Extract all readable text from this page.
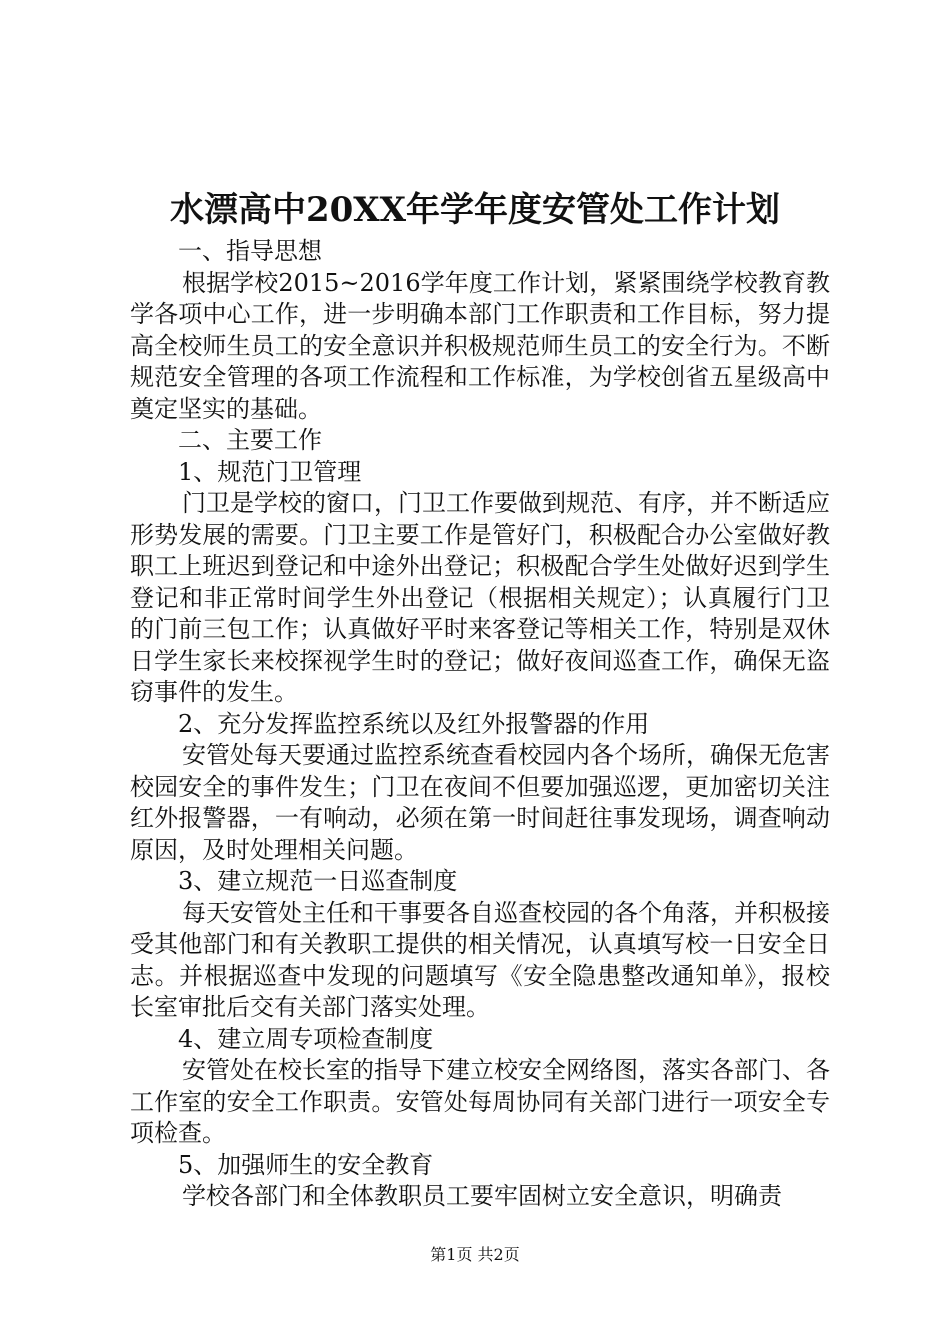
水漂高中20XX年学年度安管处工作计划

一、指导思想

根据学校2015~2016学年度工作计划，紧紧围绕学校教育教学各项中心工作，进一步明确本部门工作职责和工作目标，努力提高全校师生员工的安全意识并积极规范师生员工的安全行为。不断规范安全管理的各项工作流程和工作标准，为学校创省五星级高中奠定坚实的基础。

二、主要工作

1、规范门卫管理

门卫是学校的窗口，门卫工作要做到规范、有序，并不断适应形势发展的需要。门卫主要工作是管好门，积极配合办公室做好教职工上班迟到登记和中途外出登记；积极配合学生处做好迟到学生登记和非正常时间学生外出登记（根据相关规定）；认真履行门卫的门前三包工作；认真做好平时来客登记等相关工作，特别是双休日学生家长来校探视学生时的登记；做好夜间巡查工作，确保无盗窃事件的发生。

2、充分发挥监控系统以及红外报警器的作用

安管处每天要通过监控系统查看校园内各个场所，确保无危害校园安全的事件发生；门卫在夜间不但要加强巡逻，更加密切关注红外报警器，一有响动，必须在第一时间赶往事发现场，调查响动原因，及时处理相关问题。

3、建立规范一日巡查制度

每天安管处主任和干事要各自巡查校园的各个角落，并积极接受其他部门和有关教职工提供的相关情况，认真填写校一日安全日志。并根据巡查中发现的问题填写《安全隐患整改通知单》，报校长室审批后交有关部门落实处理。

4、建立周专项检查制度

安管处在校长室的指导下建立校安全网络图，落实各部门、各工作室的安全工作职责。安管处每周协同有关部门进行一项安全专项检查。

5、加强师生的安全教育

学校各部门和全体教职员工要牢固树立安全意识，明确责

第1页 共2页
